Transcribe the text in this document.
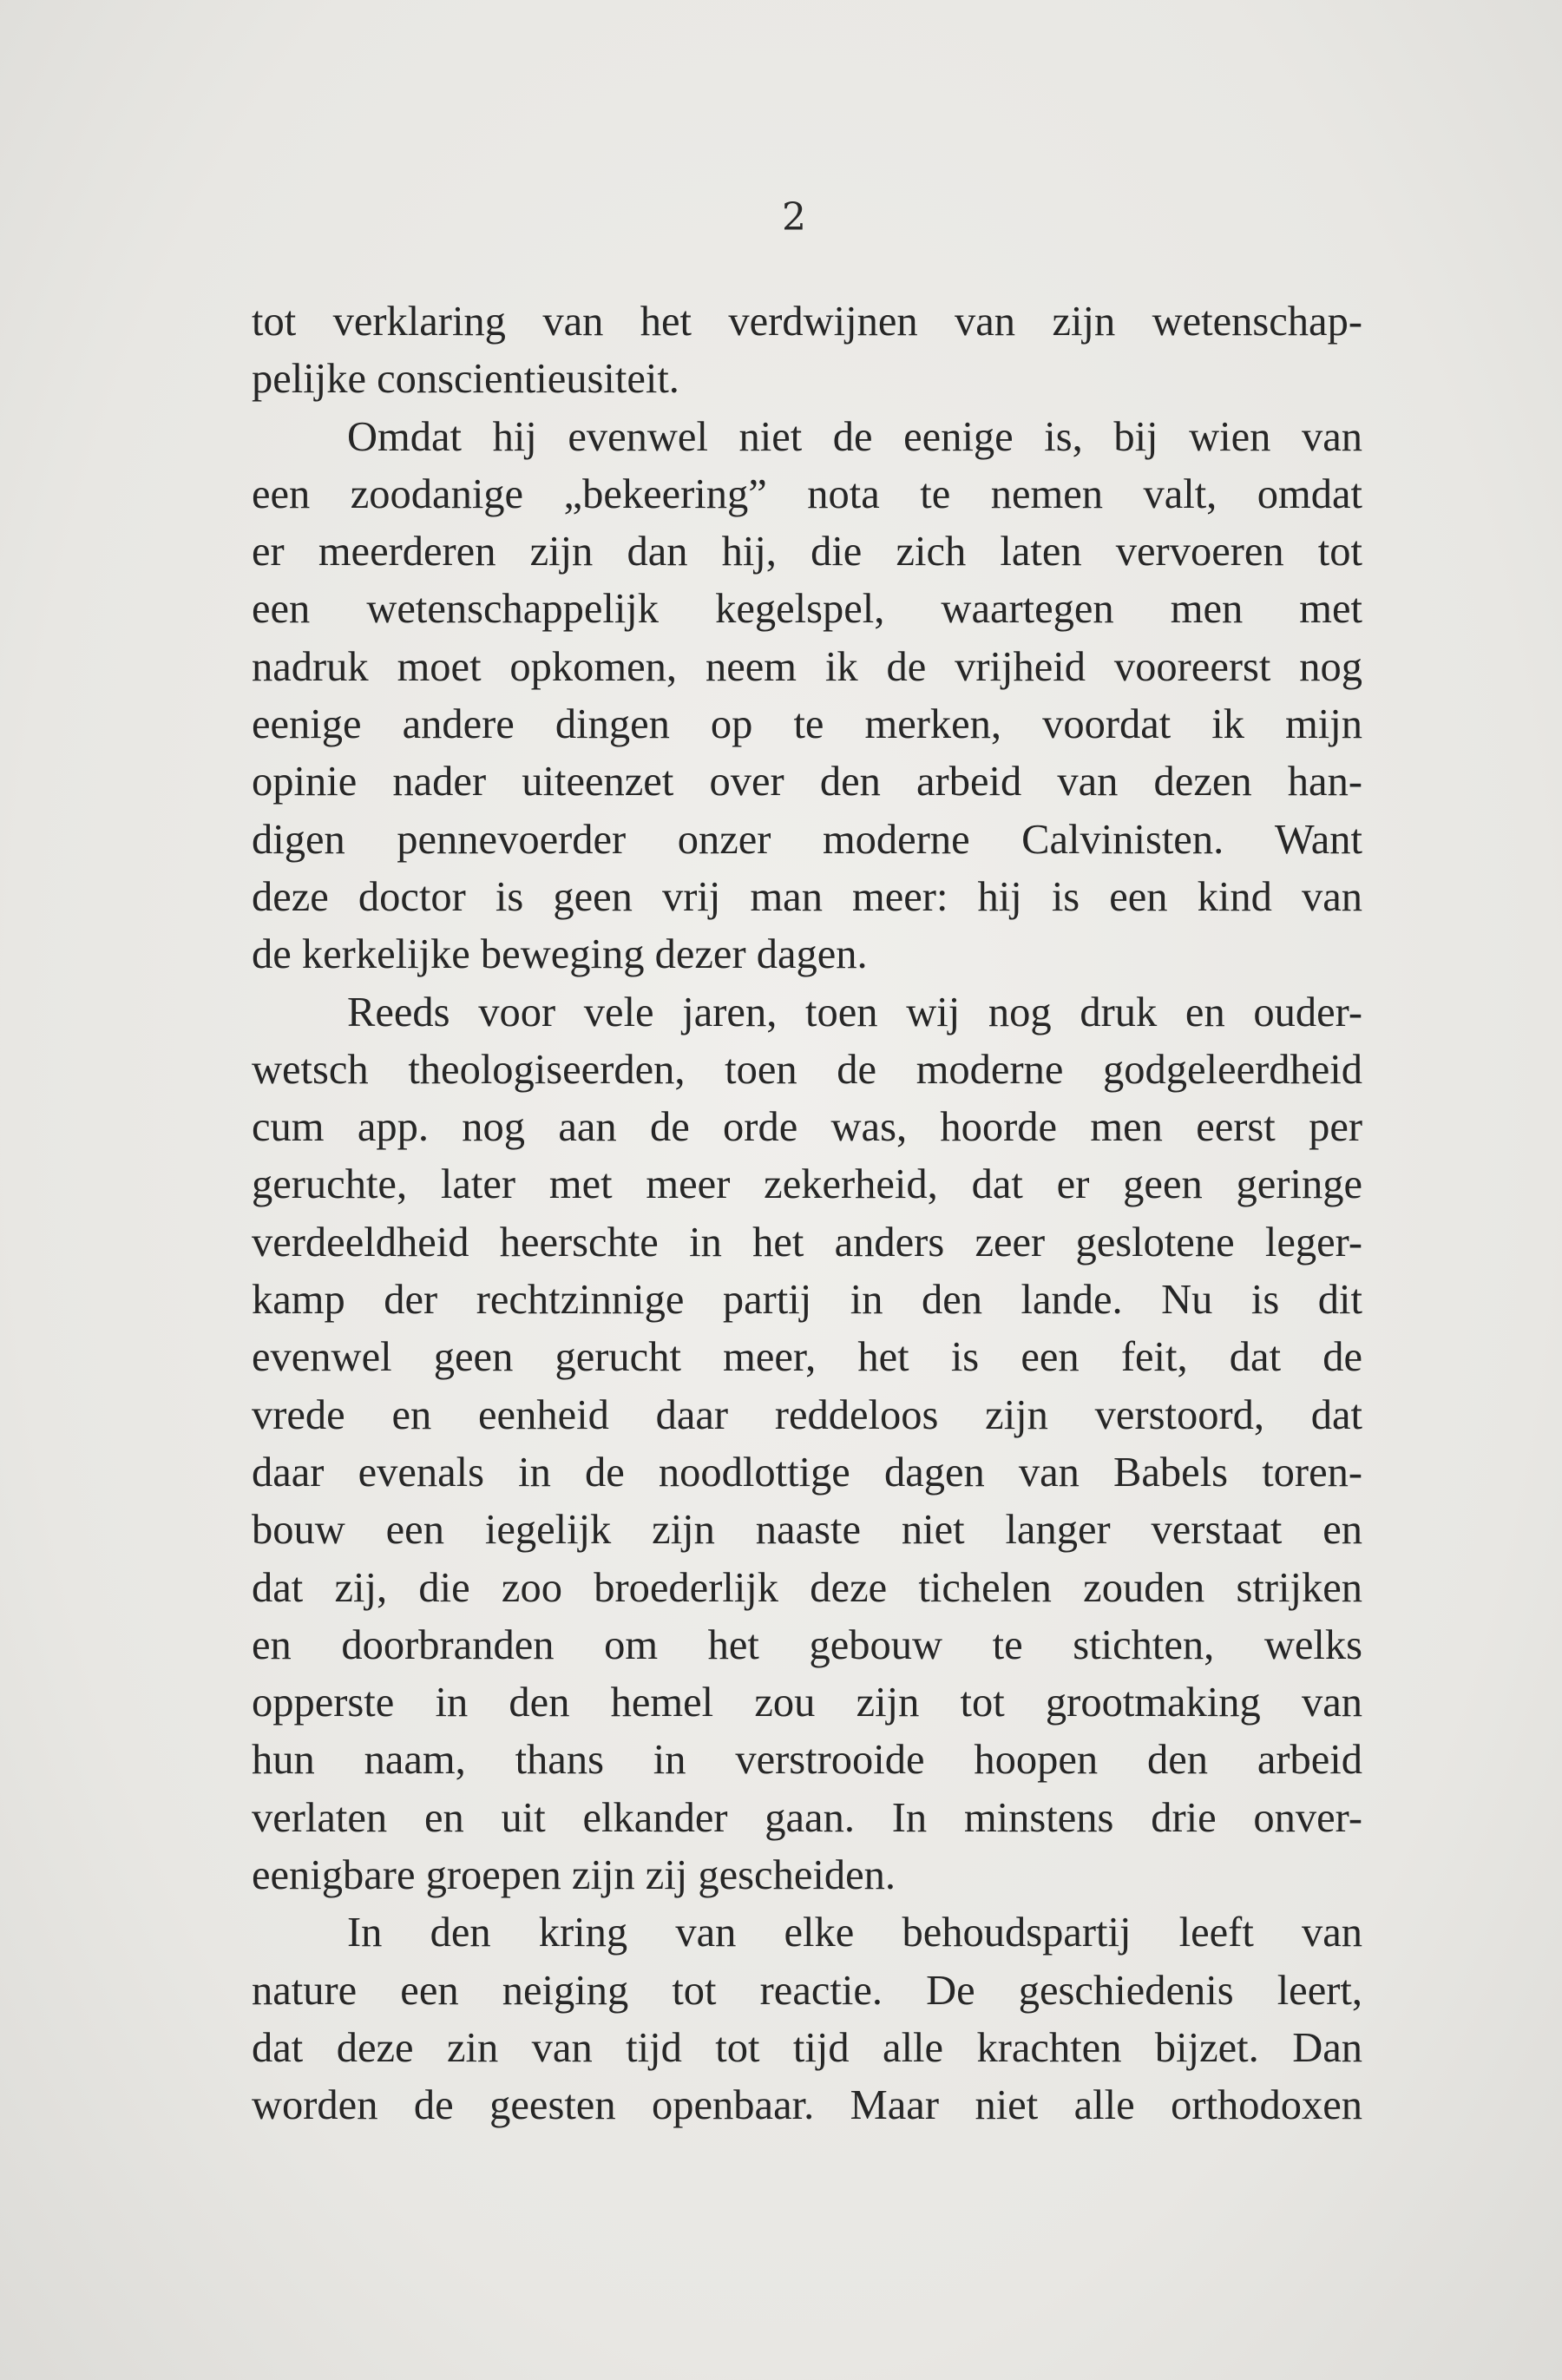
2
tot verklaring van het verdwijnen van zijn wetenschap-
pelijke conscientieusiteit.
Omdat hij evenwel niet de eenige is, bij wien van
een zoodanige „bekeering” nota te nemen valt, omdat
er meerderen zijn dan hij, die zich laten vervoeren tot
een wetenschappelijk kegelspel, waartegen men met
nadruk moet opkomen, neem ik de vrijheid vooreerst nog
eenige andere dingen op te merken, voordat ik mijn
opinie nader uiteenzet over den arbeid van dezen han-
digen pennevoerder onzer moderne Calvinisten. Want
deze doctor is geen vrij man meer: hij is een kind van
de kerkelijke beweging dezer dagen.
Reeds voor vele jaren, toen wij nog druk en ouder-
wetsch theologiseerden, toen de moderne godgeleerdheid
cum app. nog aan de orde was, hoorde men eerst per
geruchte, later met meer zekerheid, dat er geen geringe
verdeeldheid heerschte in het anders zeer geslotene leger-
kamp der rechtzinnige partij in den lande. Nu is dit
evenwel geen gerucht meer, het is een feit, dat de
vrede en eenheid daar reddeloos zijn verstoord, dat
daar evenals in de noodlottige dagen van Babels toren-
bouw een iegelijk zijn naaste niet langer verstaat en
dat zij, die zoo broederlijk deze tichelen zouden strijken
en doorbranden om het gebouw te stichten, welks
opperste in den hemel zou zijn tot grootmaking van
hun naam, thans in verstrooide hoopen den arbeid
verlaten en uit elkander gaan. In minstens drie onver-
eenigbare groepen zijn zij gescheiden.
In den kring van elke behoudspartij leeft van
nature een neiging tot reactie. De geschiedenis leert,
dat deze zin van tijd tot tijd alle krachten bijzet. Dan
worden de geesten openbaar. Maar niet alle orthodoxen
